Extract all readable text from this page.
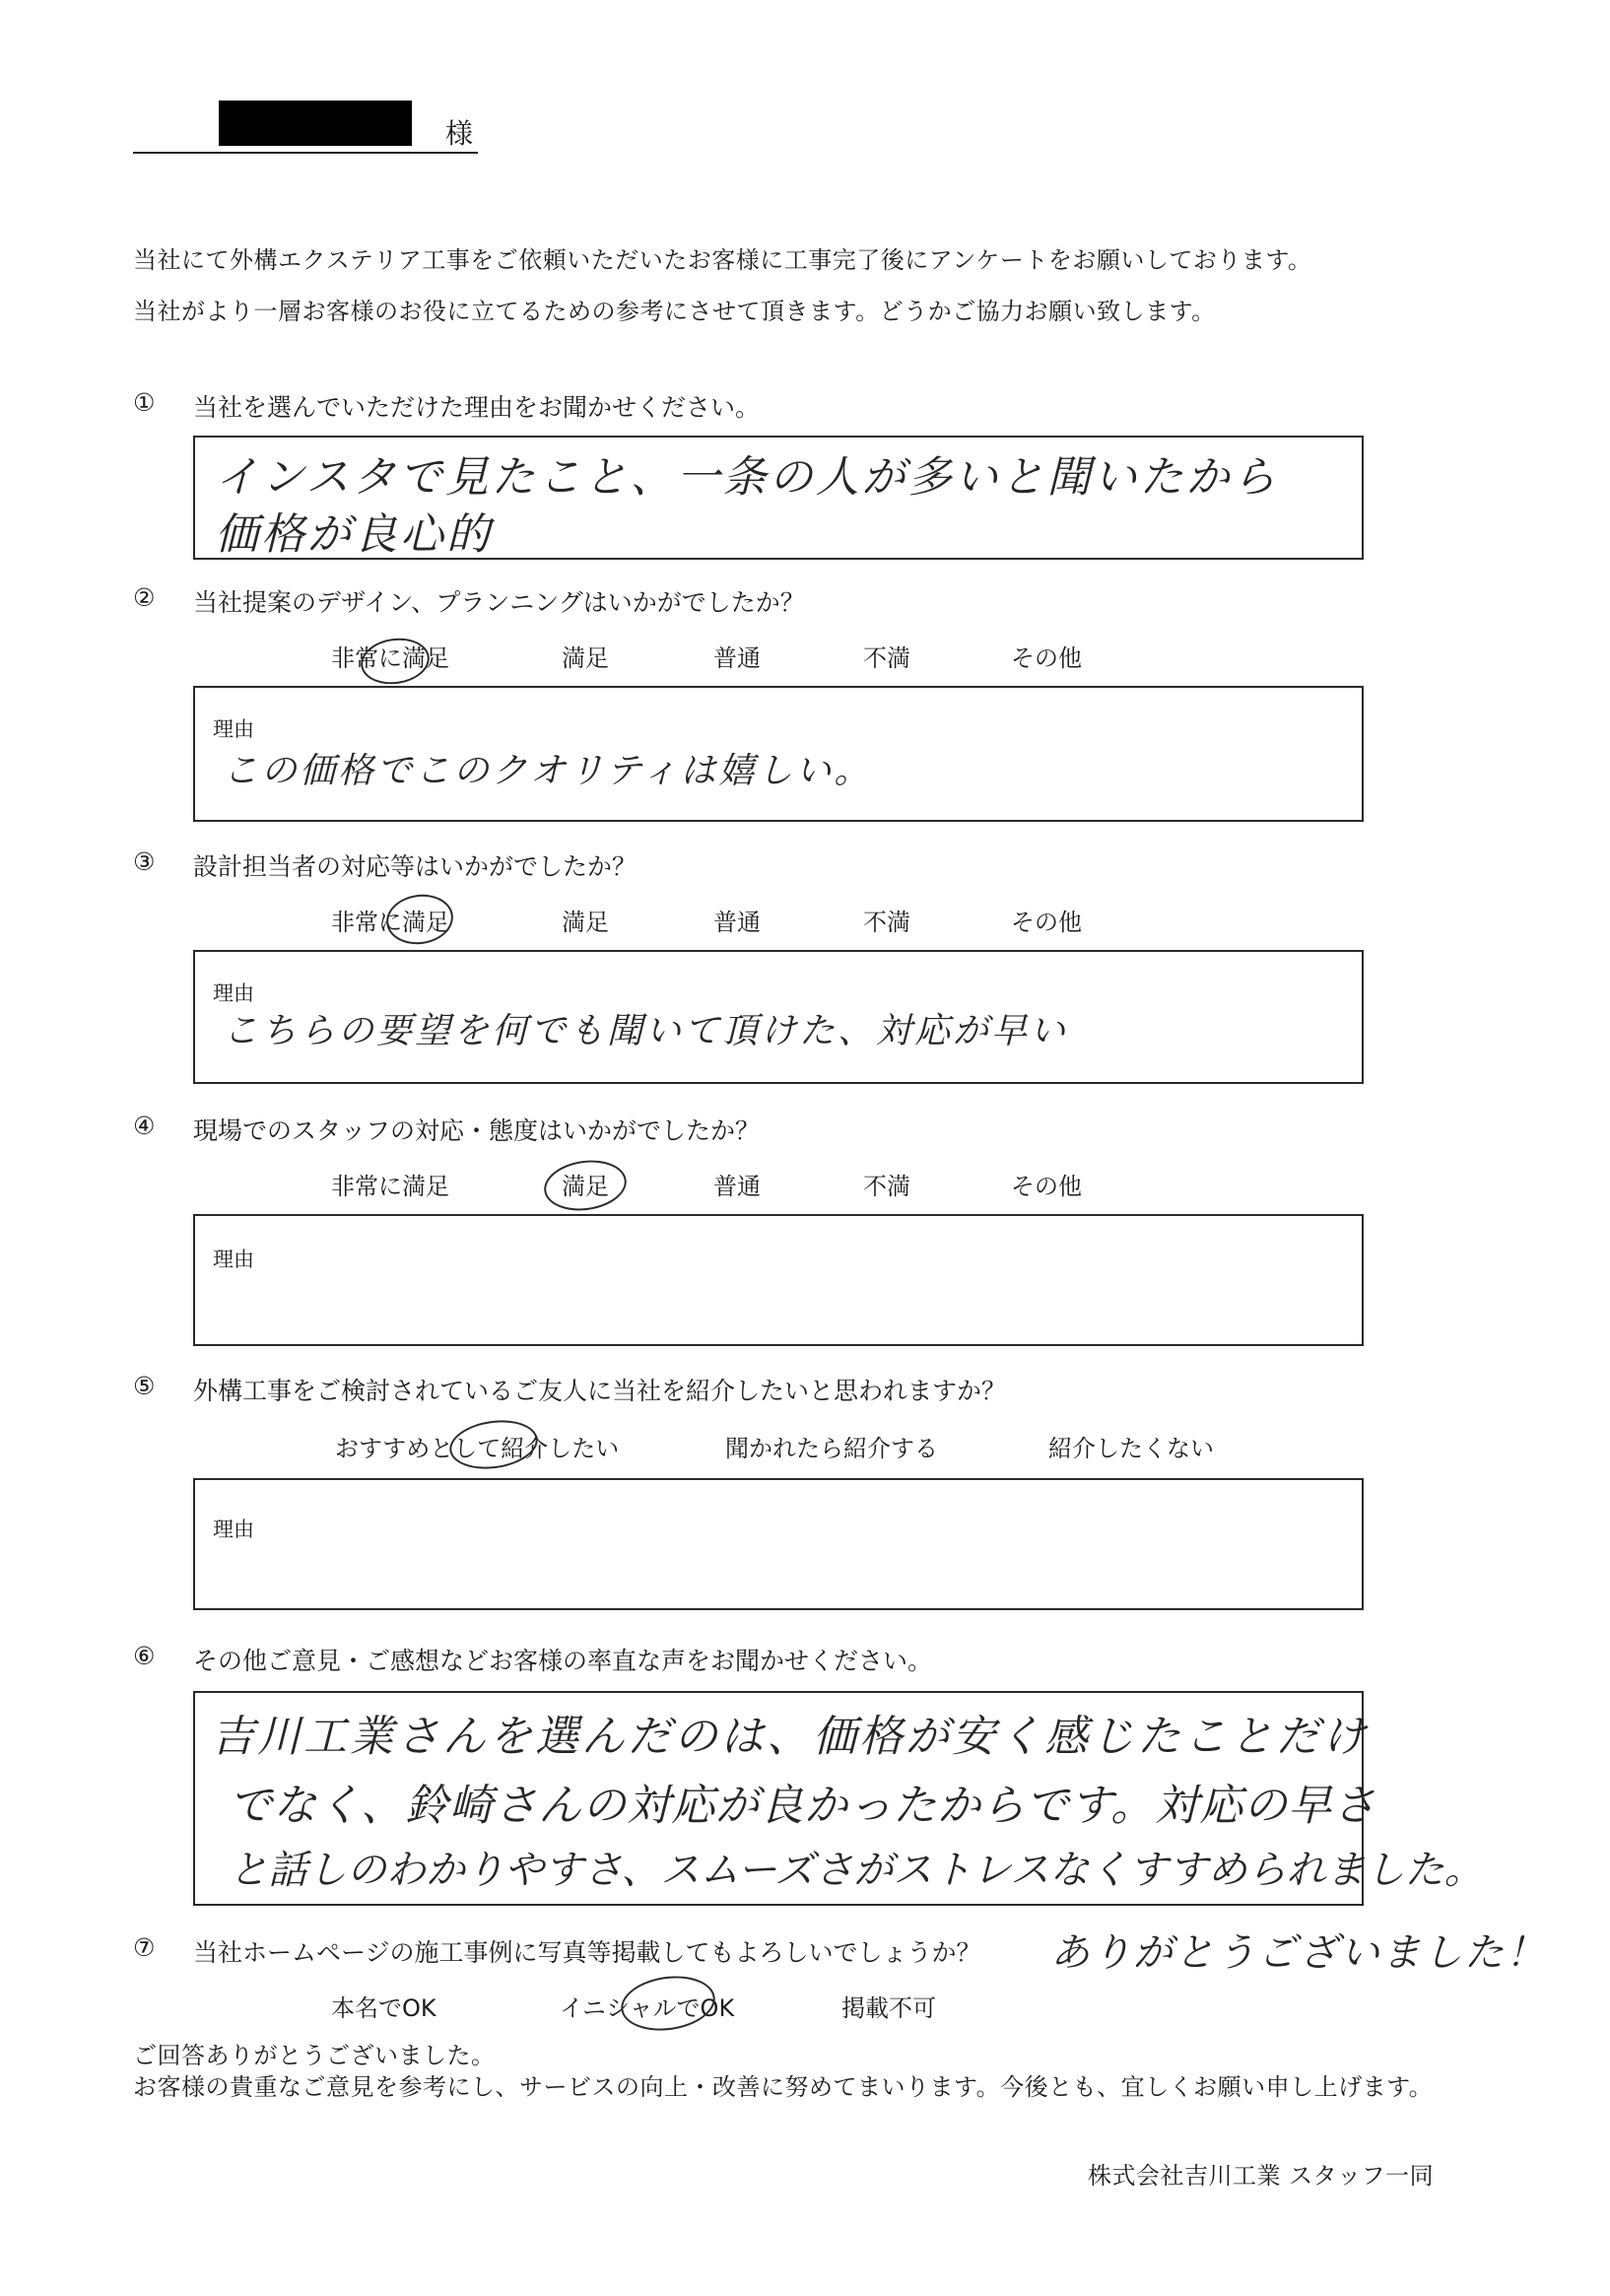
様
当社にて外構エクステリア工事をご依頼いただいたお客様に工事完了後にアンケートをお願いしております。
当社がより一層お客様のお役に立てるための参考にさせて頂きます。どうかご協力お願い致します。
① 当社を選んでいただけた理由をお聞かせください。
インスタで見たこと、一条の人が多いと聞いたから
価格が良心的
② 当社提案のデザイン、プランニングはいかがでしたか？
非常に満足	満足	普通	不満	その他
理由
この価格でこのクオリティは嬉しい。
③ 設計担当者の対応等はいかがでしたか？
非常に満足	満足	普通	不満	その他
理由
こちらの要望を何でも聞いて頂けた、対応が早い
④ 現場でのスタッフの対応・態度はいかがでしたか？
非常に満足	満足	普通	不満	その他
理由
⑤ 外構工事をご検討されているご友人に当社を紹介したいと思われますか？
おすすめとして紹介したい	聞かれたら紹介する	紹介したくない
理由
⑥ その他ご意見・ご感想などお客様の率直な声をお聞かせください。
吉川工業さんを選んだのは、価格が安く感じたことだけ
でなく、鈴崎さんの対応が良かったからです。対応の早さ
と話しのわかりやすさ、スムーズさがストレスなくすすめられました。
ありがとうございました！
⑦ 当社ホームページの施工事例に写真等掲載してもよろしいでしょうか？
本名でOK	イニシャルでOK	掲載不可
ご回答ありがとうございました。
お客様の貴重なご意見を参考にし、サービスの向上・改善に努めてまいります。今後とも、宜しくお願い申し上げます。
株式会社吉川工業 スタッフ一同
